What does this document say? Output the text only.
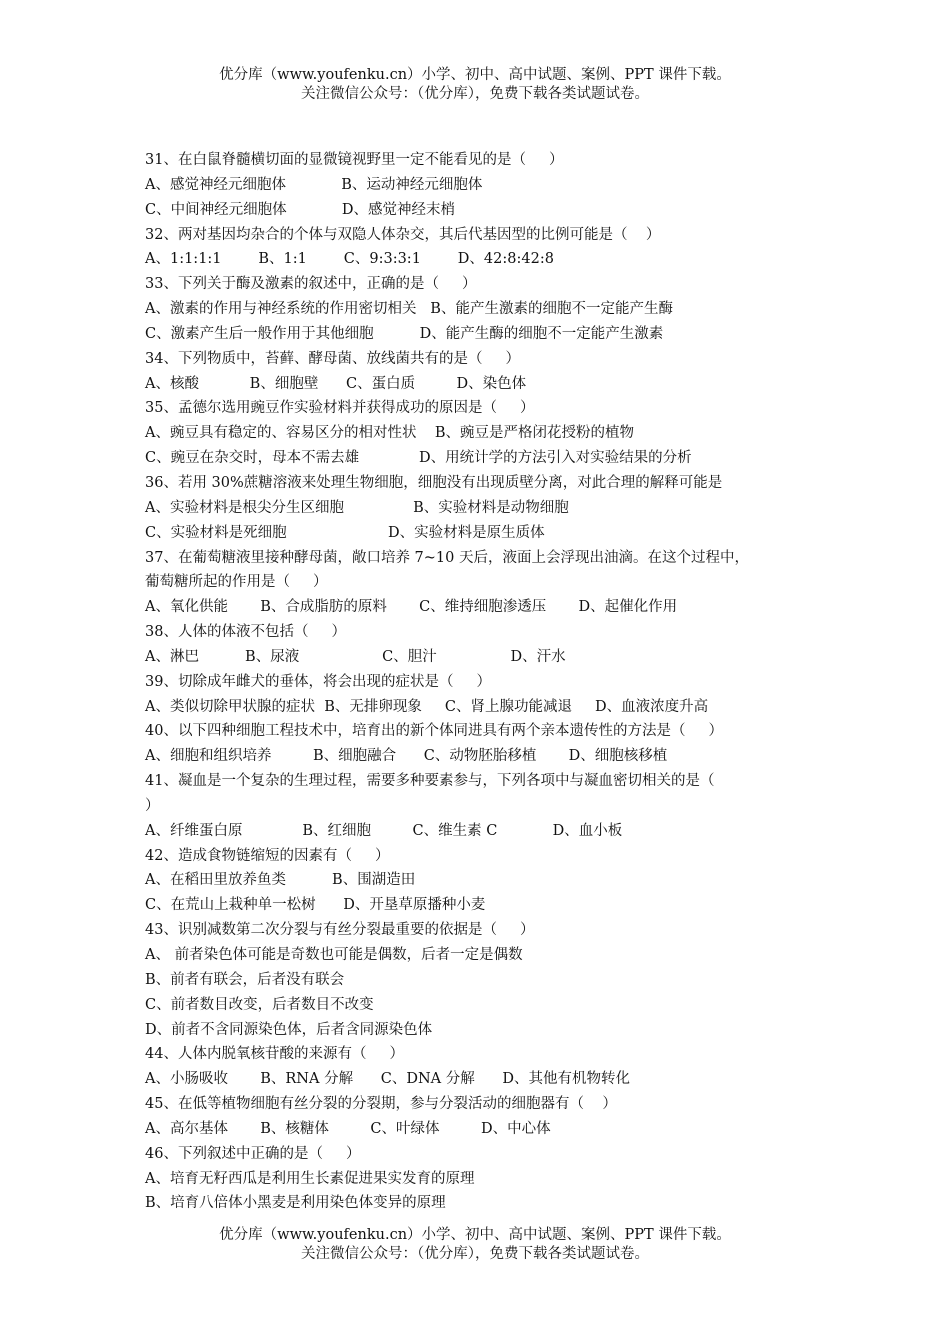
优分库（www.youfenku.cn）小学、初中、高中试题、案例、PPT 课件下载。
关注微信公众号：（优分库），免费下载各类试题试卷。
31、在白鼠脊髓横切面的显微镜视野里一定不能看见的是（     ）
A、感觉神经元细胞体            B、运动神经元细胞体
C、中间神经元细胞体            D、感觉神经末梢
32、两对基因均杂合的个体与双隐人体杂交，其后代基因型的比例可能是（    ）
A、1:1:1:1        B、1:1        C、9:3:3:1        D、42:8:42:8
33、下列关于酶及激素的叙述中，正确的是（     ）
A、激素的作用与神经系统的作用密切相关   B、能产生激素的细胞不一定能产生酶
C、激素产生后一般作用于其他细胞          D、能产生酶的细胞不一定能产生激素
34、下列物质中，苔藓、酵母菌、放线菌共有的是（     ）
A、核酸           B、细胞壁      C、蛋白质         D、染色体
35、孟德尔选用豌豆作实验材料并获得成功的原因是（     ）
A、豌豆具有稳定的、容易区分的相对性状    B、豌豆是严格闭花授粉的植物
C、豌豆在杂交时，母本不需去雄             D、用统计学的方法引入对实验结果的分析
36、若用 30%蔗糖溶液来处理生物细胞，细胞没有出现质壁分离，对此合理的解释可能是
A、实验材料是根尖分生区细胞               B、实验材料是动物细胞
C、实验材料是死细胞                      D、实验材料是原生质体
37、在葡萄糖液里接种酵母菌，敞口培养 7~10 天后，液面上会浮现出油滴。在这个过程中，
葡萄糖所起的作用是（     ）
A、氧化供能       B、合成脂肪的原料       C、维持细胞渗透压       D、起催化作用
38、人体的体液不包括（     ）
A、淋巴          B、尿液                  C、胆汁                D、汗水
39、切除成年雌犬的垂体，将会出现的症状是（     ）
A、类似切除甲状腺的症状  B、无排卵现象     C、肾上腺功能减退     D、血液浓度升高
40、以下四种细胞工程技术中，培育出的新个体同进具有两个亲本遗传性的方法是（     ）
A、细胞和组织培养         B、细胞融合      C、动物胚胎移植       D、细胞核移植
41、凝血是一个复杂的生理过程，需要多种要素参与，下列各项中与凝血密切相关的是（
）
A、纤维蛋白原             B、红细胞         C、维生素 C            D、血小板
42、造成食物链缩短的因素有（     ）
A、在稻田里放养鱼类          B、围湖造田
C、在荒山上栽种单一松树      D、开垦草原播种小麦
43、识别减数第二次分裂与有丝分裂最重要的依据是（     ）
A、 前者染色体可能是奇数也可能是偶数，后者一定是偶数
B、前者有联会，后者没有联会
C、前者数目改变，后者数目不改变
D、前者不含同源染色体，后者含同源染色体
44、人体内脱氧核苷酸的来源有（     ）
A、小肠吸收       B、RNA 分解      C、DNA 分解      D、其他有机物转化
45、在低等植物细胞有丝分裂的分裂期，参与分裂活动的细胞器有（    ）
A、高尔基体       B、核糖体         C、叶绿体         D、中心体
46、下列叙述中正确的是（     ）
A、培育无籽西瓜是利用生长素促进果实发育的原理
B、培育八倍体小黑麦是利用染色体变异的原理
优分库（www.youfenku.cn）小学、初中、高中试题、案例、PPT 课件下载。
关注微信公众号：（优分库），免费下载各类试题试卷。
